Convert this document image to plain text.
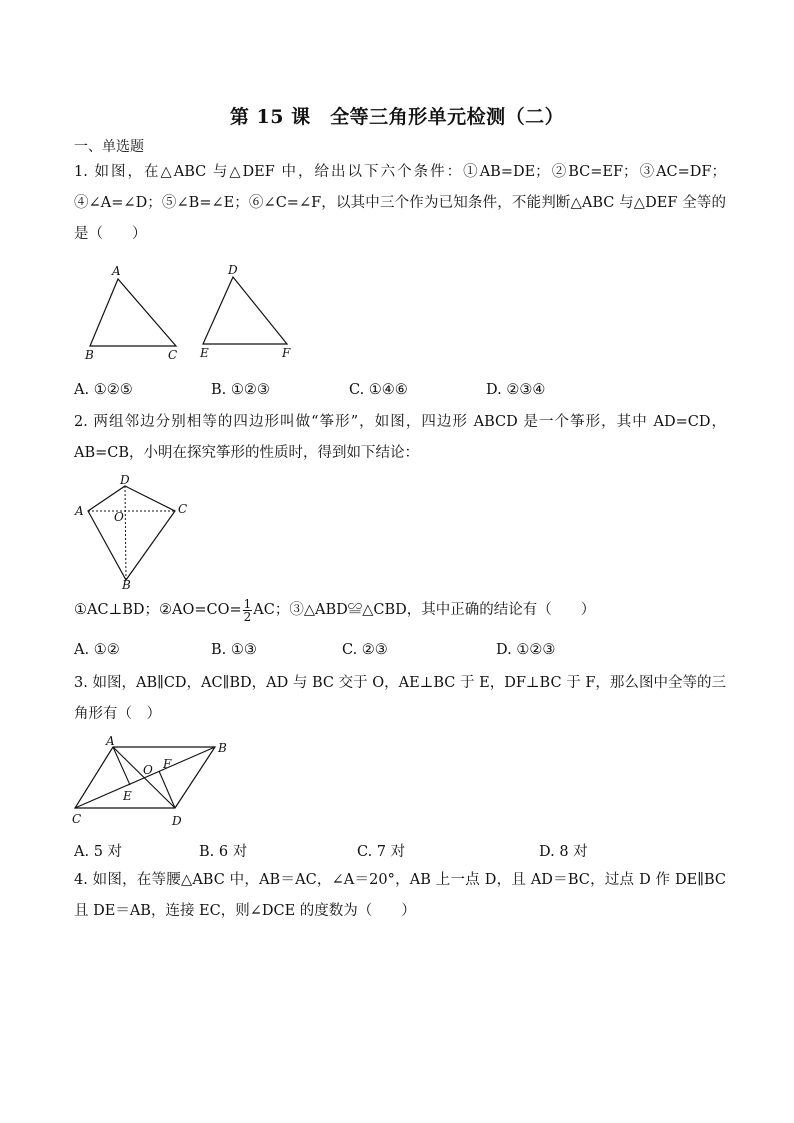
第 15 课　全等三角形单元检测（二）
一、单选题
1. 如图，在△ABC 与△DEF 中，给出以下六个条件：①AB=DE；②BC=EF；③AC=DF；④∠A=∠D；⑤∠B=∠E；⑥∠C=∠F，以其中三个作为已知条件，不能判断△ABC 与△DEF 全等的是（　　）
A
B	C
D
E	F
A. ①②⑤	B. ①②③	C. ①④⑥	D. ②③④
2. 两组邻边分别相等的四边形叫做“筝形”，如图，四边形 ABCD 是一个筝形，其中 AD=CD，AB=CB，小明在探究筝形的性质时，得到如下结论：
D
A	O
C
B
①AC⊥BD；②AO=CO= $\frac{1}{2}$ AC；③△ABD≌△CBD，其中正确的结论有（　　）
A. ①②	B. ①③	C. ②③	D. ①②③
3. 如图，AB∥CD，AC∥BD，AD 与 BC 交于 O，AE⊥BC 于 E，DF⊥BC 于 F，那么图中全等的三角形有（　）
A	B
O F
E
C	D
A. 5 对	B. 6 对	C. 7 对	D. 8 对
4. 如图，在等腰△ABC 中，AB＝AC，∠A＝20°，AB 上一点 D，且 AD＝BC，过点 D 作 DE∥BC 且 DE＝AB，连接 EC，则∠DCE 的度数为（　　）
